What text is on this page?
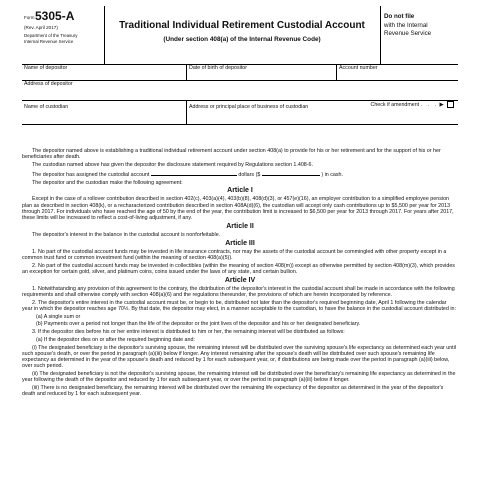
Form 5305-A
(Rev. April 2017)
Department of the Treasury
Internal Revenue Service
Traditional Individual Retirement Custodial Account
(Under section 408(a) of the Internal Revenue Code)
Do not file
with the Internal
Revenue Service
Name of depositor	Date of birth of depositor	Account number
Address of depositor
Check if amendment . . . ▶
Name of custodian	Address or principal place of business of custodian

The depositor named above is establishing a traditional individual retirement account under section 408(a) to provide for his or her retirement and for the support of his or her beneficiaries after death.

The custodian named above has given the depositor the disclosure statement required by Regulations section 1.408-6.

The depositor has assigned the custodial account	dollars ($	) in cash.

The depositor and the custodian make the following agreement:

Article I

Except in the case of a rollover contribution described in section 402(c), 403(a)(4), 403(b)(8), 408(d)(3), or 457(e)(16), an employer contribution to a simplified employee pension plan as described in section 408(k), or a recharacterized contribution described in section 408A(d)(6), the custodian will accept only cash contributions up to $5,500 per year for 2013 through 2017. For individuals who have reached the age of 50 by the end of the year, the contribution limit is increased to $6,500 per year for 2013 through 2017. For years after 2017, these limits will be increased to reflect a cost-of-living adjustment, if any.

Article II

The depositor's interest in the balance in the custodial account is nonforfeitable.

Article III

1. No part of the custodial account funds may be invested in life insurance contracts, nor may the assets of the custodial account be commingled with other property except in a common trust fund or common investment fund (within the meaning of section 408(a)(5)).

2. No part of the custodial account funds may be invested in collectibles (within the meaning of section 408(m)) except as otherwise permitted by section 408(m)(3), which provides an exception for certain gold, silver, and platinum coins, coins issued under the laws of any state, and certain bullion.

Article IV

1. Notwithstanding any provision of this agreement to the contrary, the distribution of the depositor's interest in the custodial account shall be made in accordance with the following requirements and shall otherwise comply with section 408(a)(6) and the regulations thereunder, the provisions of which are herein incorporated by reference.

2. The depositor's entire interest in the custodial account must be, or begin to be, distributed not later than the depositor's required beginning date, April 1 following the calendar year in which the depositor reaches age 70½. By that date, the depositor may elect, in a manner acceptable to the custodian, to have the balance in the custodial account distributed in:

(a) A single sum or

(b) Payments over a period not longer than the life of the depositor or the joint lives of the depositor and his or her designated beneficiary.

3. If the depositor dies before his or her entire interest is distributed to him or her, the remaining interest will be distributed as follows:

(a) If the depositor dies on or after the required beginning date and:

(i) The designated beneficiary is the depositor's surviving spouse, the remaining interest will be distributed over the surviving spouse's life expectancy as determined each year until such spouse's death, or over the period in paragraph (a)(iii) below if longer. Any interest remaining after the spouse's death will be distributed over such spouse's remaining life expectancy as determined in the year of the spouse's death and reduced by 1 for each subsequent year, or, if distributions are being made over the period in paragraph (a)(iii) below, over such period.

(ii) The designated beneficiary is not the depositor's surviving spouse, the remaining interest will be distributed over the beneficiary's remaining life expectancy as determined in the year following the death of the depositor and reduced by 1 for each subsequent year, or over the period in paragraph (a)(iii) below if longer.

(iii) There is no designated beneficiary, the remaining interest will be distributed over the remaining life expectancy of the depositor as determined in the year of the depositor's death and reduced by 1 for each subsequent year.
